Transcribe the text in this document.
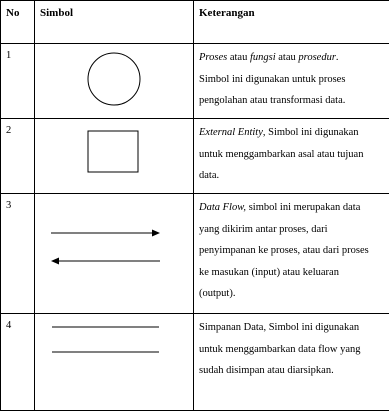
No	Simbol	Keterangan
1		Proses atau fungsi atau prosedur.
Simbol ini digunakan untuk proses
pengolahan atau transformasi data.

2		External Entity, Simbol ini digunakan
untuk menggambarkan asal atau tujuan
data.

3		Data Flow, simbol ini merupakan data
yang dikirim antar proses, dari
penyimpanan ke proses, atau dari proses
ke masukan (input) atau keluaran
(output).

4		Simpanan Data, Simbol ini digunakan
untuk menggambarkan data flow yang
sudah disimpan atau diarsipkan.
